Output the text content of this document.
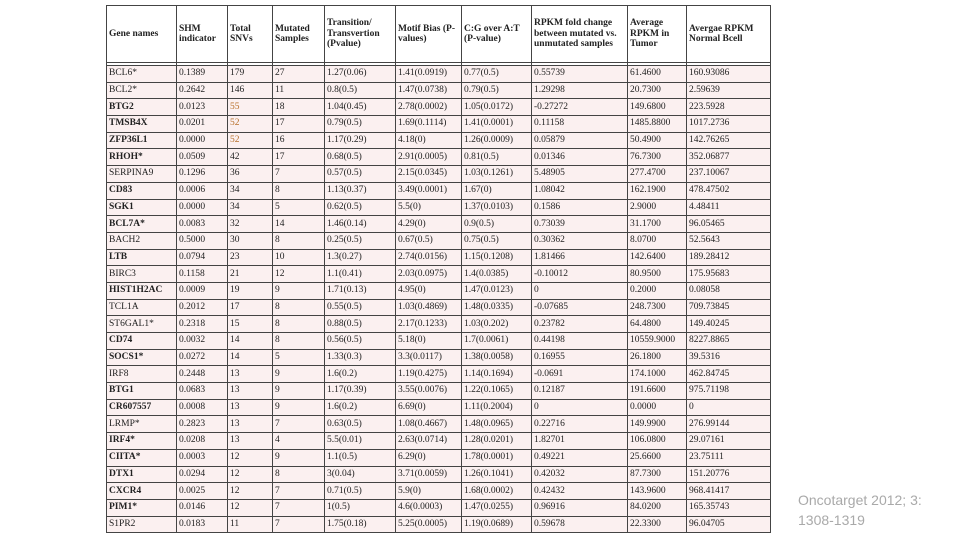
Gene names	SHM indicator	Total SNVs	Mutated Samples	Transition/ Transvertion (Pvalue)	Motif Bias (P-values)	C:G over A:T (P-value)	RPKM fold change between mutated vs. unmutated samples	Average RPKM in Tumor	Avergae RPKM Normal Bcell

BCL6*	0.1389	179	27	1.27(0.06)	1.41(0.0919)	0.77(0.5)	0.55739	61.4600	160.93086
BCL2*	0.2642	146	11	0.8(0.5)	1.47(0.0738)	0.79(0.5)	1.29298	20.7300	2.59639
BTG2	0.0123	55	18	1.04(0.45)	2.78(0.0002)	1.05(0.0172)	-0.27272	149.6800	223.5928
TMSB4X	0.0201	52	17	0.79(0.5)	1.69(0.1114)	1.41(0.0001)	0.11158	1485.8800	1017.2736
ZFP36L1	0.0000	52	16	1.17(0.29)	4.18(0)	1.26(0.0009)	0.05879	50.4900	142.76265
RHOH*	0.0509	42	17	0.68(0.5)	2.91(0.0005)	0.81(0.5)	0.01346	76.7300	352.06877
SERPINA9	0.1296	36	7	0.57(0.5)	2.15(0.0345)	1.03(0.1261)	5.48905	277.4700	237.10067
CD83	0.0006	34	8	1.13(0.37)	3.49(0.0001)	1.67(0)	1.08042	162.1900	478.47502
SGK1	0.0000	34	5	0.62(0.5)	5.5(0)	1.37(0.0103)	0.1586	2.9000	4.48411
BCL7A*	0.0083	32	14	1.46(0.14)	4.29(0)	0.9(0.5)	0.73039	31.1700	96.05465
BACH2	0.5000	30	8	0.25(0.5)	0.67(0.5)	0.75(0.5)	0.30362	8.0700	52.5643
LTB	0.0794	23	10	1.3(0.27)	2.74(0.0156)	1.15(0.1208)	1.81466	142.6400	189.28412
BIRC3	0.1158	21	12	1.1(0.41)	2.03(0.0975)	1.4(0.0385)	-0.10012	80.9500	175.95683
HIST1H2AC	0.0009	19	9	1.71(0.13)	4.95(0)	1.47(0.0123)	0	0.2000	0.08058
TCL1A	0.2012	17	8	0.55(0.5)	1.03(0.4869)	1.48(0.0335)	-0.07685	248.7300	709.73845
ST6GAL1*	0.2318	15	8	0.88(0.5)	2.17(0.1233)	1.03(0.202)	0.23782	64.4800	149.40245
CD74	0.0032	14	8	0.56(0.5)	5.18(0)	1.7(0.0061)	0.44198	10559.9000	8227.8865
SOCS1*	0.0272	14	5	1.33(0.3)	3.3(0.0117)	1.38(0.0058)	0.16955	26.1800	39.5316
IRF8	0.2448	13	9	1.6(0.2)	1.19(0.4275)	1.14(0.1694)	-0.0691	174.1000	462.84745
BTG1	0.0683	13	9	1.17(0.39)	3.55(0.0076)	1.22(0.1065)	0.12187	191.6600	975.71198
CR607557	0.0008	13	9	1.6(0.2)	6.69(0)	1.11(0.2004)	0	0.0000	0
LRMP*	0.2823	13	7	0.63(0.5)	1.08(0.4667)	1.48(0.0965)	0.22716	149.9900	276.99144
IRF4*	0.0208	13	4	5.5(0.01)	2.63(0.0714)	1.28(0.0201)	1.82701	106.0800	29.07161
CIITA*	0.0003	12	9	1.1(0.5)	6.29(0)	1.78(0.0001)	0.49221	25.6600	23.75111
DTX1	0.0294	12	8	3(0.04)	3.71(0.0059)	1.26(0.1041)	0.42032	87.7300	151.20776
CXCR4	0.0025	12	7	0.71(0.5)	5.9(0)	1.68(0.0002)	0.42432	143.9600	968.41417
PIM1*	0.0146	12	7	1(0.5)	4.6(0.0003)	1.47(0.0255)	0.96916	84.0200	165.35743
S1PR2	0.0183	11	7	1.75(0.18)	5.25(0.0005)	1.19(0.0689)	0.59678	22.3300	96.04705
Oncotarget 2012; 3: 1308-1319
